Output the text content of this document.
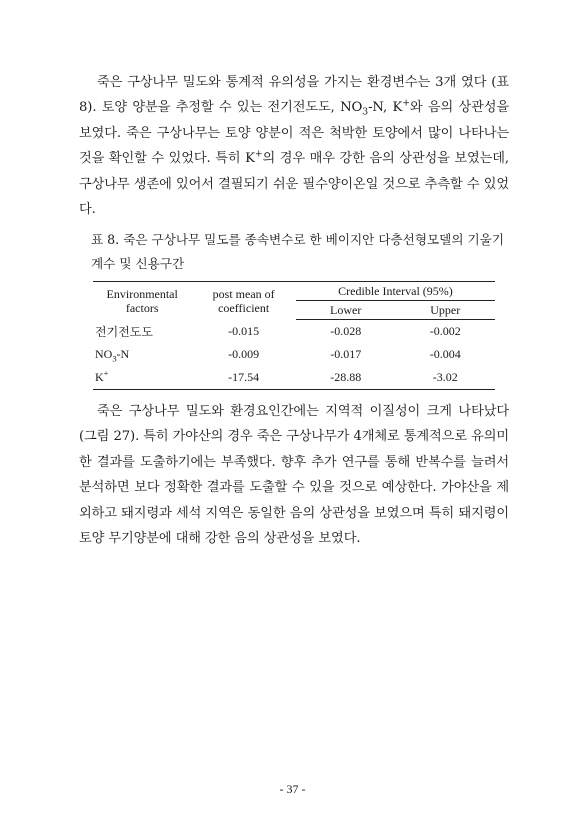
죽은 구상나무 밀도와 통계적 유의성을 가지는 환경변수는 3개 였다 (표 8). 토양 양분을 추정할 수 있는 전기전도도, $NO_3-N$, K+와 음의 상관성을 보였다. 죽은 구상나무는 토양 양분이 적은 척박한 토양에서 많이 나타나는 것을 확인할 수 있었다. 특히 K+의 경우 매우 강한 음의 상관성을 보였는데, 구상나무 생존에 있어서 결필되기 쉬운 필수양이온일 것으로 추측할 수 있었다.

표 8. 죽은 구상나무 밀도를 종속변수로 한 베이지안 다층선형모델의 기울기 계수 및 신용구간

Environmental factors	post mean of coefficient	Credible Interval (95%)	
		Lower	Upper
전기전도도	-0.015	-0.028	-0.002
$NO_3-N$	-0.009	-0.017	-0.004
K+	-17.54	-28.88	-3.02

죽은 구상나무 밀도와 환경요인간에는 지역적 이질성이 크게 나타났다(그림 27). 특히 가야산의 경우 죽은 구상나무가 4개체로 통계적으로 유의미한 결과를 도출하기에는 부족했다. 향후 추가 연구를 통해 반복수를 늘려서 분석하면 보다 정확한 결과를 도출할 수 있을 것으로 예상한다. 가야산을 제외하고 돼지령과 세석 지역은 동일한 음의 상관성을 보였으며 특히 돼지령이 토양 무기양분에 대해 강한 음의 상관성을 보였다.

- 37 -
